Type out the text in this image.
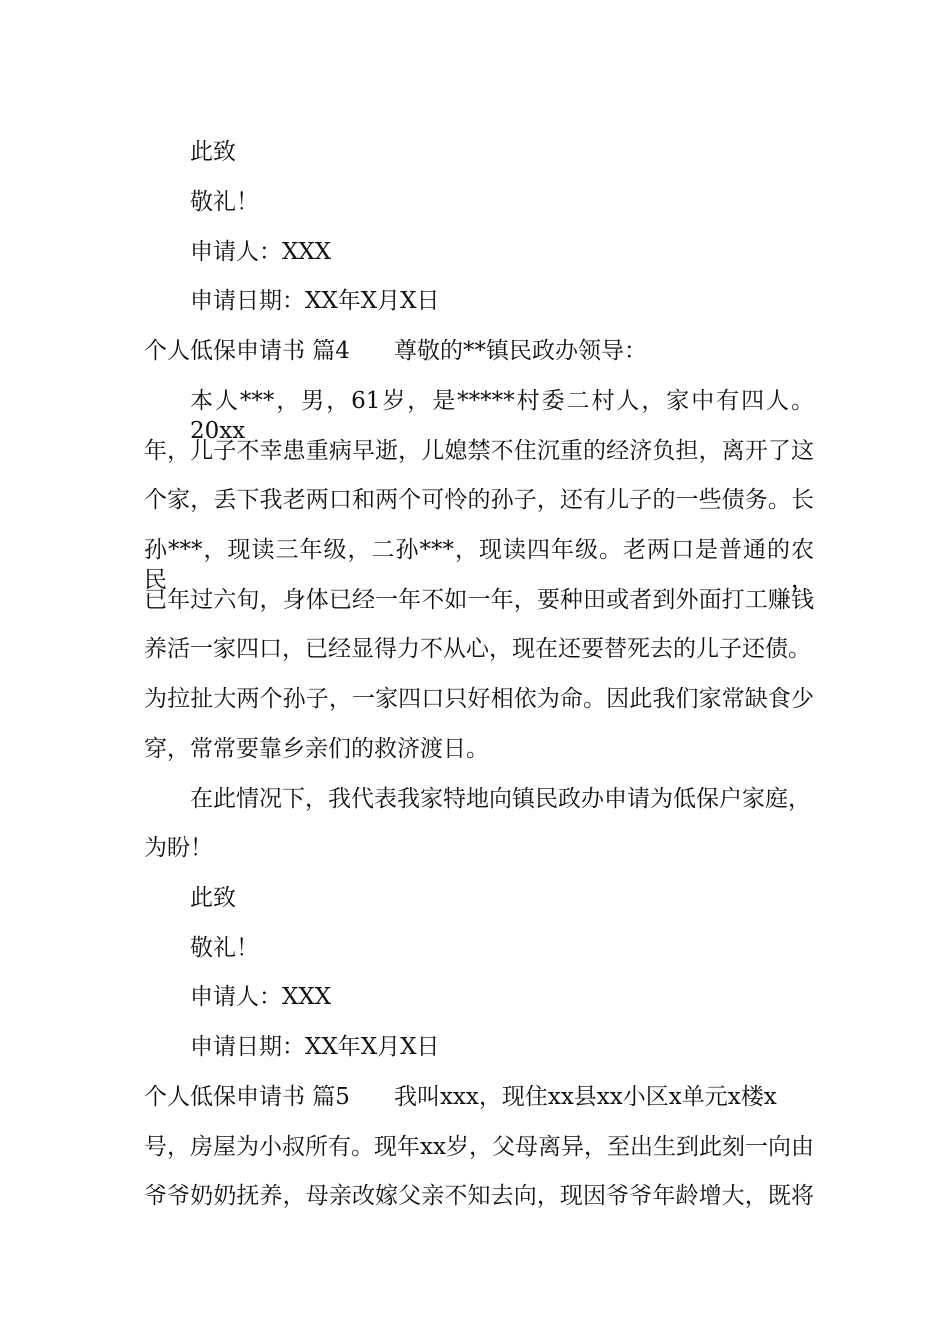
此致
敬礼！
申请人：XXX
申请日期：XX年X月X日
个人低保申请书 篇4 尊敬的**镇民政办领导：
本人***，男，61岁，是*****村委二村人，家中有四人。20xx
年，儿子不幸患重病早逝，儿媳禁不住沉重的经济负担，离开了这
个家，丢下我老两口和两个可怜的孙子，还有儿子的一些债务。长
孙***，现读三年级，二孙***，现读四年级。老两口是普通的农民，
已年过六旬，身体已经一年不如一年，要种田或者到外面打工赚钱
养活一家四口，已经显得力不从心，现在还要替死去的儿子还债。
为拉扯大两个孙子，一家四口只好相依为命。因此我们家常缺食少
穿，常常要靠乡亲们的救济渡日。
在此情况下，我代表我家特地向镇民政办申请为低保户家庭，
为盼！
此致
敬礼！
申请人：XXX
申请日期：XX年X月X日
个人低保申请书 篇5 我叫xxx，现住xx县xx小区x单元x楼x
号，房屋为小叔所有。现年xx岁，父母离异，至出生到此刻一向由
爷爷奶奶抚养，母亲改嫁父亲不知去向，现因爷爷年龄增大，既将
